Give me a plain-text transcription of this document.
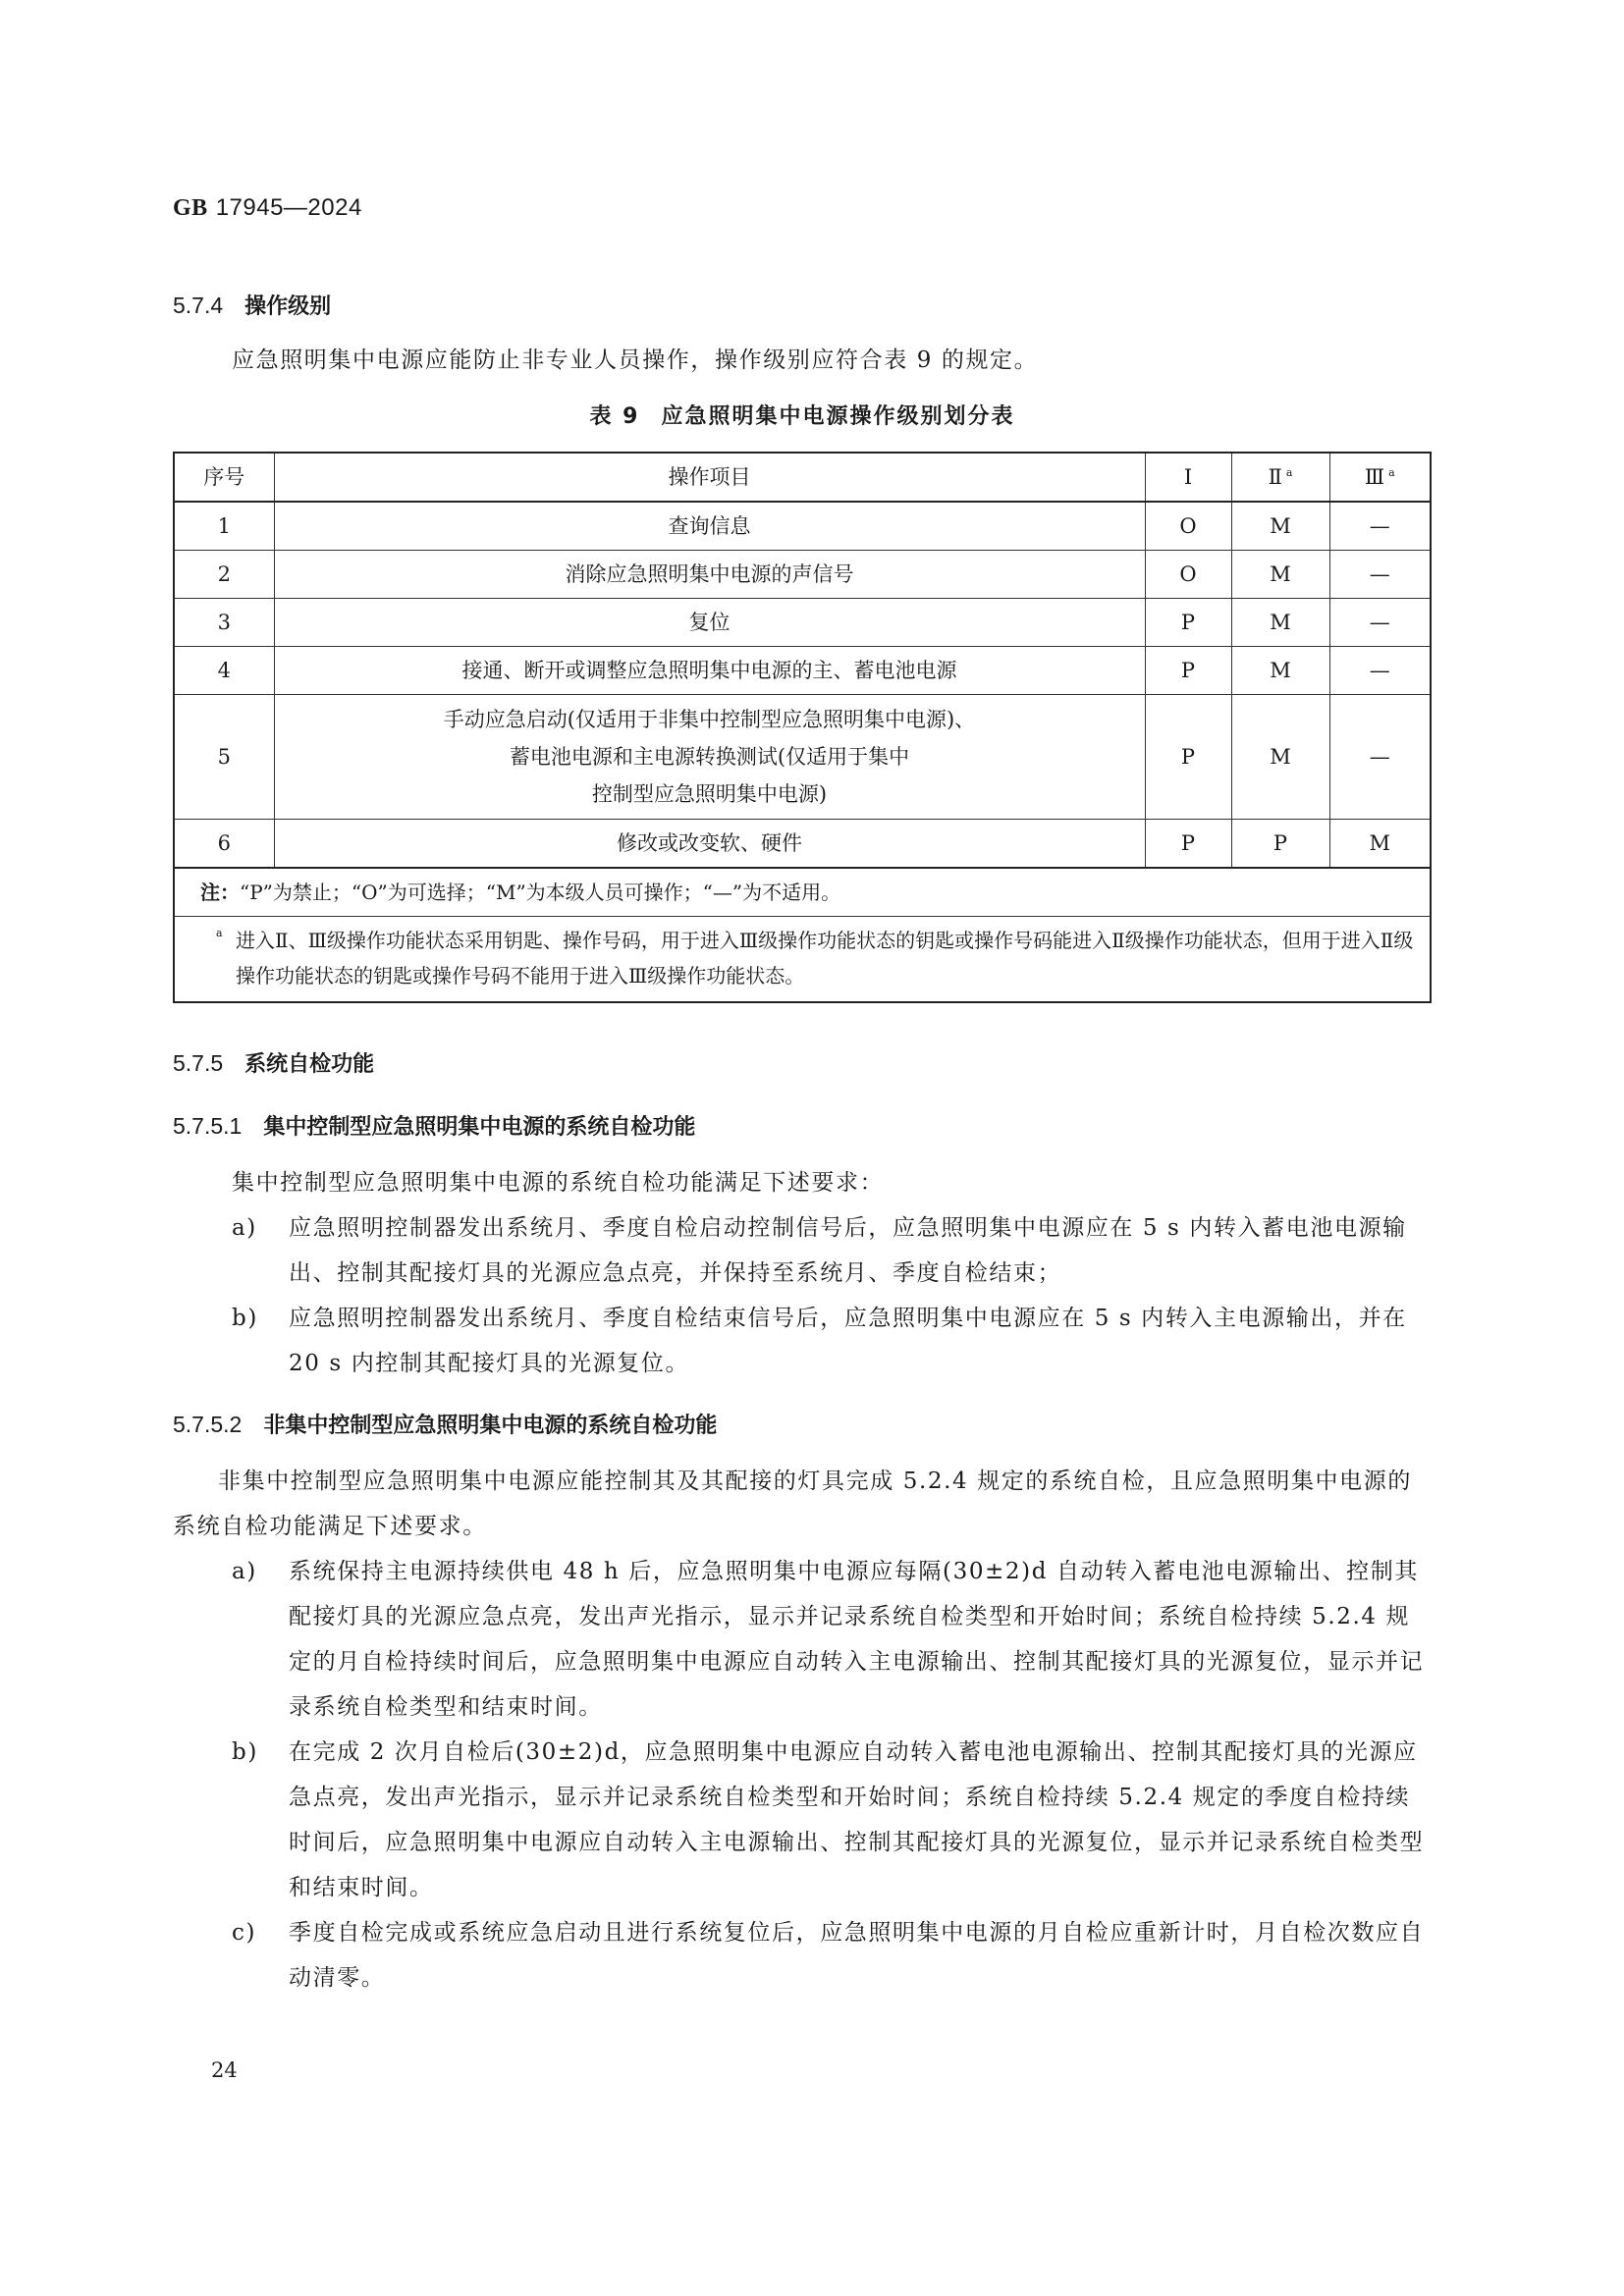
GB 17945—2024
5.7.4 操作级别
应急照明集中电源应能防止非专业人员操作，操作级别应符合表 9 的规定。
表 9 应急照明集中电源操作级别划分表
序号	操作项目	Ⅰ	Ⅱ $^a$	Ⅲ $^a$
1	查询信息	O	M	—
2	消除应急照明集中电源的声信号	O	M	—
3	复位	P	M	—
4	接通、断开或调整应急照明集中电源的主、蓄电池电源	P	M	—
5	手动应急启动(仅适用于非集中控制型应急照明集中电源)、
蓄电池电源和主电源转换测试(仅适用于集中
控制型应急照明集中电源)	P	M	—
6	修改或改变软、硬件	P	P	M
注：“P”为禁止；“O”为可选择；“M”为本级人员可操作；“—”为不适用。				

a 进入Ⅱ、Ⅲ级操作功能状态采用钥匙、操作号码，用于进入Ⅲ级操作功能状态的钥匙或操作号码能进入Ⅱ级操作功能状态，但用于进入Ⅱ级操作功能状态的钥匙或操作号码不能用于进入Ⅲ级操作功能状态。				
5.7.5 系统自检功能
5.7.5.1 集中控制型应急照明集中电源的系统自检功能
集中控制型应急照明集中电源的系统自检功能满足下述要求：
a) 应急照明控制器发出系统月、季度自检启动控制信号后，应急照明集中电源应在 5 s 内转入蓄电池电源输出、控制其配接灯具的光源应急点亮，并保持至系统月、季度自检结束；
b) 应急照明控制器发出系统月、季度自检结束信号后，应急照明集中电源应在 5 s 内转入主电源输出，并在 20 s 内控制其配接灯具的光源复位。
5.7.5.2 非集中控制型应急照明集中电源的系统自检功能
非集中控制型应急照明集中电源应能控制其及其配接的灯具完成 5.2.4 规定的系统自检，且应急照明集中电源的系统自检功能满足下述要求。
a) 系统保持主电源持续供电 48 h 后，应急照明集中电源应每隔(30±2)d 自动转入蓄电池电源输出、控制其配接灯具的光源应急点亮，发出声光指示，显示并记录系统自检类型和开始时间；系统自检持续 5.2.4 规定的月自检持续时间后，应急照明集中电源应自动转入主电源输出、控制其配接灯具的光源复位，显示并记录系统自检类型和结束时间。
b) 在完成 2 次月自检后(30±2)d，应急照明集中电源应自动转入蓄电池电源输出、控制其配接灯具的光源应急点亮，发出声光指示，显示并记录系统自检类型和开始时间；系统自检持续 5.2.4 规定的季度自检持续时间后，应急照明集中电源应自动转入主电源输出、控制其配接灯具的光源复位，显示并记录系统自检类型和结束时间。
c) 季度自检完成或系统应急启动且进行系统复位后，应急照明集中电源的月自检应重新计时，月自检次数应自动清零。
24
